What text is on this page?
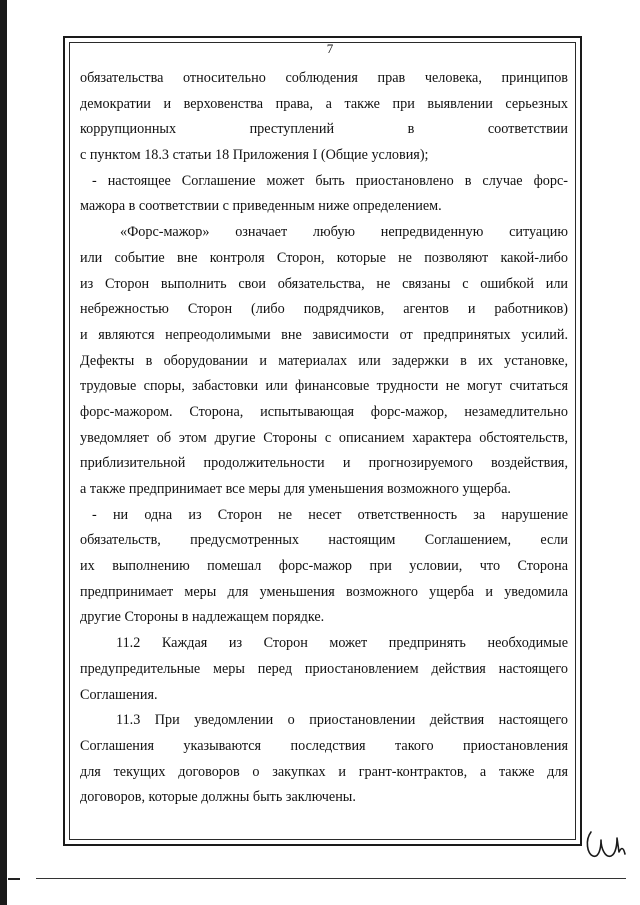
7
обязательства относительно соблюдения прав человека, принципов
демократии и верховенства права, а также при выявлении серьезных
коррупционных преступлений в соответствии
с пунктом 18.3 статьи 18 Приложения I (Общие условия);
- настоящее Соглашение может быть приостановлено в случае форс-
мажора в соответствии с приведенным ниже определением.
«Форс-мажор» означает любую непредвиденную ситуацию
или событие вне контроля Сторон, которые не позволяют какой-либо
из Сторон выполнить свои обязательства, не связаны с ошибкой или
небрежностью Сторон (либо подрядчиков, агентов и работников)
и являются непреодолимыми вне зависимости от предпринятых усилий.
Дефекты в оборудовании и материалах или задержки в их установке,
трудовые споры, забастовки или финансовые трудности не могут считаться
форс-мажором. Сторона, испытывающая форс-мажор, незамедлительно
уведомляет об этом другие Стороны с описанием характера обстоятельств,
приблизительной продолжительности и прогнозируемого воздействия,
а также предпринимает все меры для уменьшения возможного ущерба.
- ни одна из Сторон не несет ответственность за нарушение
обязательств, предусмотренных настоящим Соглашением, если
их выполнению помешал форс-мажор при условии, что Сторона
предпринимает меры для уменьшения возможного ущерба и уведомила
другие Стороны в надлежащем порядке.
11.2 Каждая из Сторон может предпринять необходимые
предупредительные меры перед приостановлением действия настоящего
Соглашения.
11.3 При уведомлении о приостановлении действия настоящего
Соглашения указываются последствия такого приостановления
для текущих договоров о закупках и грант-контрактов, а также для
договоров, которые должны быть заключены.
